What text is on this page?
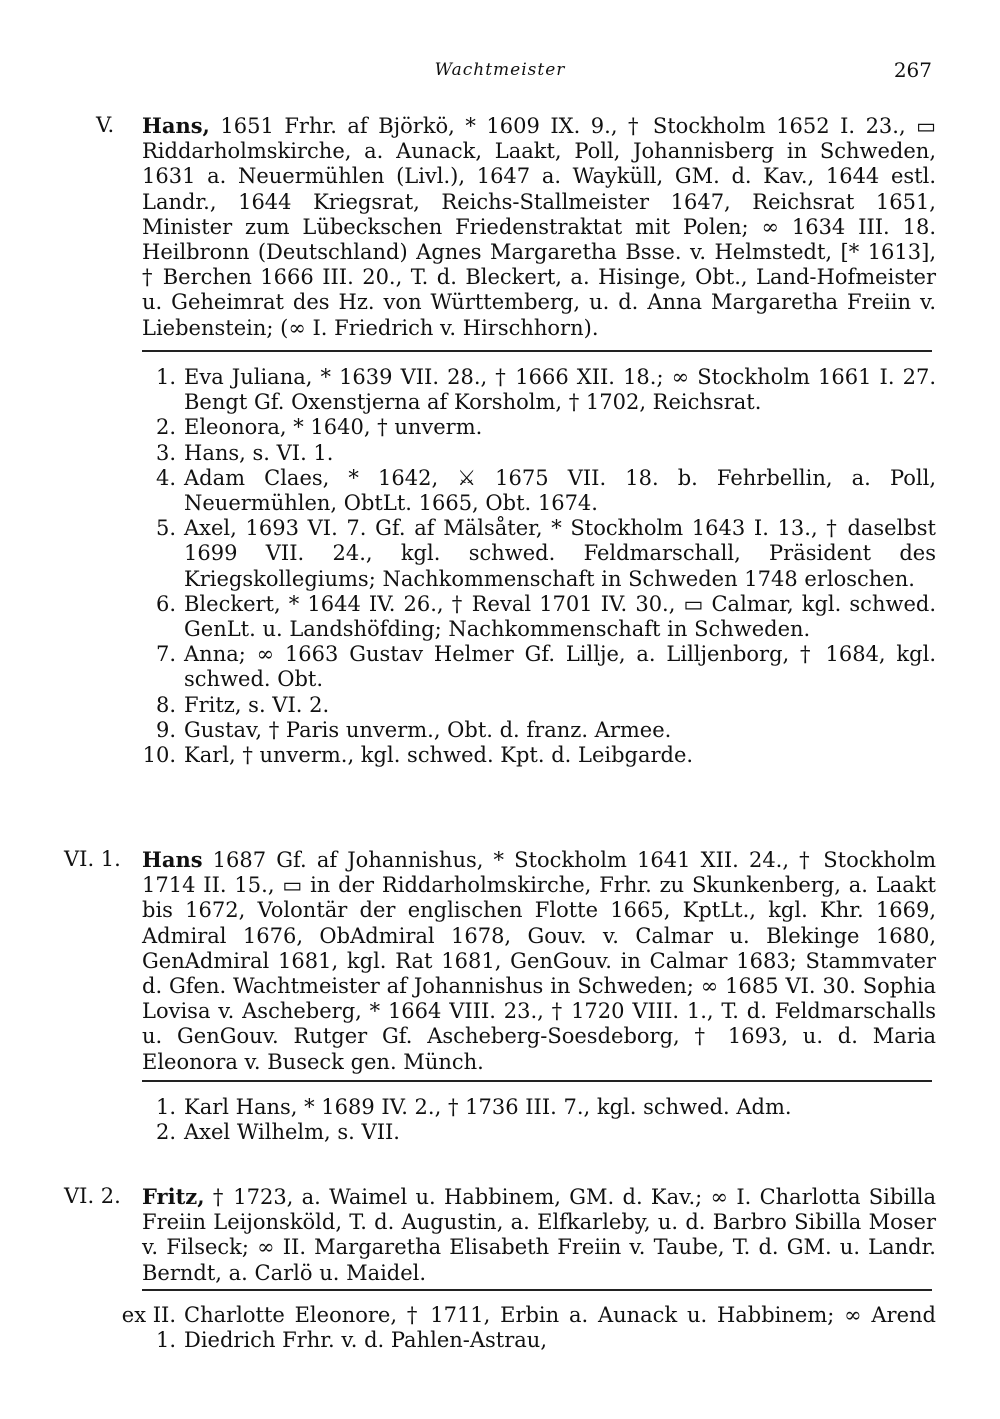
Wachtmeister	267
V. Hans, 1651 Frhr. af Björkö, * 1609 IX. 9., † Stockholm 1652 I. 23., ▭ Riddarholmskirche, a. Aunack, Laakt, Poll, Johannisberg in Schweden, 1631 a. Neuermühlen (Livl.), 1647 a. Wayküll, GM. d. Kav., 1644 estl. Landr., 1644 Kriegsrat, Reichs-Stallmeister 1647, Reichsrat 1651, Minister zum Lübeckschen Friedenstraktat mit Polen; ∞ 1634 III. 18. Heilbronn (Deutschland) Agnes Margaretha Bsse. v. Helmstedt, [* 1613], † Berchen 1666 III. 20., T. d. Bleckert, a. Hisinge, Obt., Land-Hofmeister u. Geheimrat des Hz. von Württemberg, u. d. Anna Margaretha Freiin v. Liebenstein; (∞ I. Friedrich v. Hirschhorn).
1. Eva Juliana, * 1639 VII. 28., † 1666 XII. 18.; ∞ Stockholm 1661 I. 27. Bengt Gf. Oxenstjerna af Korsholm, † 1702, Reichsrat.
2. Eleonora, * 1640, † unverm.
3. Hans, s. VI. 1.
4. Adam Claes, * 1642, ⚔ 1675 VII. 18. b. Fehrbellin, a. Poll, Neuermühlen, ObtLt. 1665, Obt. 1674.
5. Axel, 1693 VI. 7. Gf. af Mälsåter, * Stockholm 1643 I. 13., † daselbst 1699 VII. 24., kgl. schwed. Feldmarschall, Präsident des Kriegskollegiums; Nachkommenschaft in Schweden 1748 erloschen.
6. Bleckert, * 1644 IV. 26., † Reval 1701 IV. 30., ▭ Calmar, kgl. schwed. GenLt. u. Landshöfding; Nachkommenschaft in Schweden.
7. Anna; ∞ 1663 Gustav Helmer Gf. Lillje, a. Lilljenborg, † 1684, kgl. schwed. Obt.
8. Fritz, s. VI. 2.
9. Gustav, † Paris unverm., Obt. d. franz. Armee.
10. Karl, † unverm., kgl. schwed. Kpt. d. Leibgarde.
VI. 1. Hans 1687 Gf. af Johannishus, * Stockholm 1641 XII. 24., † Stockholm 1714 II. 15., ▭ in der Riddarholmskirche, Frhr. zu Skunkenberg, a. Laakt bis 1672, Volontär der englischen Flotte 1665, KptLt., kgl. Khr. 1669, Admiral 1676, ObAdmiral 1678, Gouv. v. Calmar u. Blekinge 1680, GenAdmiral 1681, kgl. Rat 1681, GenGouv. in Calmar 1683; Stammvater d. Gfen. Wachtmeister af Johannishus in Schweden; ∞ 1685 VI. 30. Sophia Lovisa v. Ascheberg, * 1664 VIII. 23., † 1720 VIII. 1., T. d. Feldmarschalls u. GenGouv. Rutger Gf. Ascheberg-Soesdeborg, † 1693, u. d. Maria Eleonora v. Buseck gen. Münch.
1. Karl Hans, * 1689 IV. 2., † 1736 III. 7., kgl. schwed. Adm.
2. Axel Wilhelm, s. VII.
VI. 2. Fritz, † 1723, a. Waimel u. Habbinem, GM. d. Kav.; ∞ I. Charlotta Sibilla Freiin Leijonsköld, T. d. Augustin, a. Elfkarleby, u. d. Barbro Sibilla Moser v. Filseck; ∞ II. Margaretha Elisabeth Freiin v. Taube, T. d. GM. u. Landr. Berndt, a. Carlö u. Maidel.
ex II. 1.
Charlotte Eleonore, † 1711, Erbin a. Aunack u. Habbinem; ∞ Arend Diedrich Frhr. v. d. Pahlen-Astrau,
